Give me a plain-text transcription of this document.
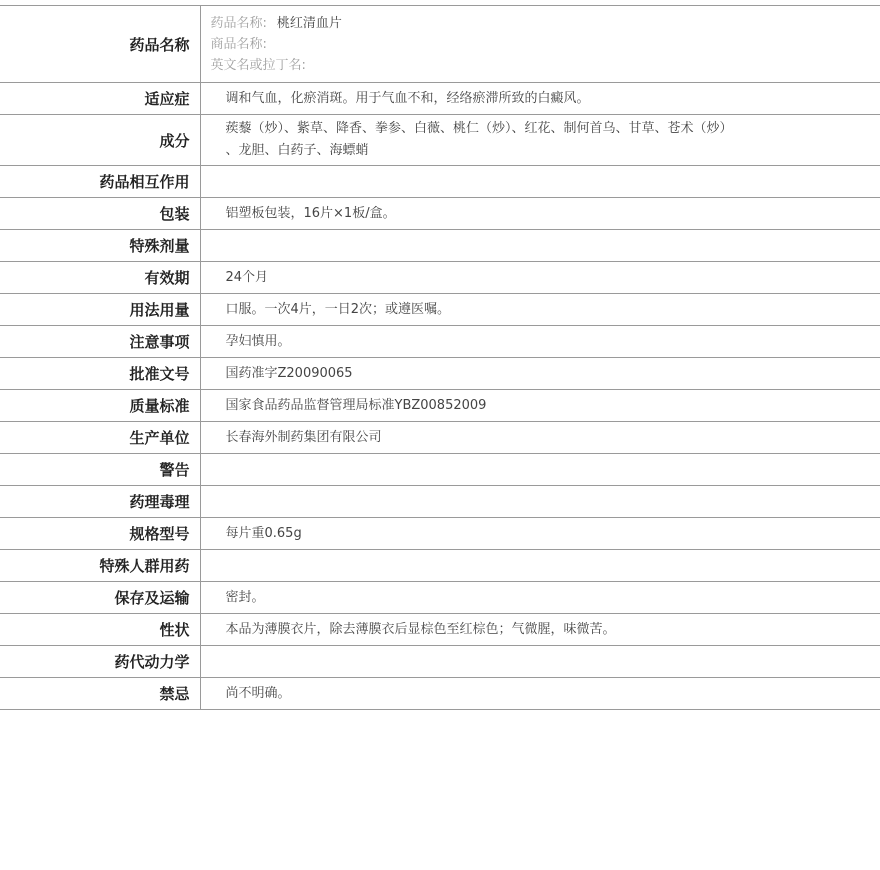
药品名称	药品名称: 桃红清血片
商品名称:
英文名或拉丁名:

适应症	调和气血，化瘀消斑。用于气血不和，经络瘀滞所致的白癜风。
成分	蒺藜（炒）、紫草、降香、拳参、白薇、桃仁（炒）、红花、制何首乌、甘草、苍术（炒）
、龙胆、白药子、海螵蛸

药品相互作用	
包装	铝塑板包装，16片×1板/盒。
特殊剂量	
有效期	24个月
用法用量	口服。一次4片，一日2次；或遵医嘱。
注意事项	孕妇慎用。
批准文号	国药准字Z20090065
质量标准	国家食品药品监督管理局标准YBZ00852009
生产单位	长春海外制药集团有限公司
警告	
药理毒理	
规格型号	每片重0.65g
特殊人群用药	
保存及运输	密封。
性状	本品为薄膜衣片，除去薄膜衣后显棕色至红棕色；气微腥，味微苦。
药代动力学	
禁忌	尚不明确。
